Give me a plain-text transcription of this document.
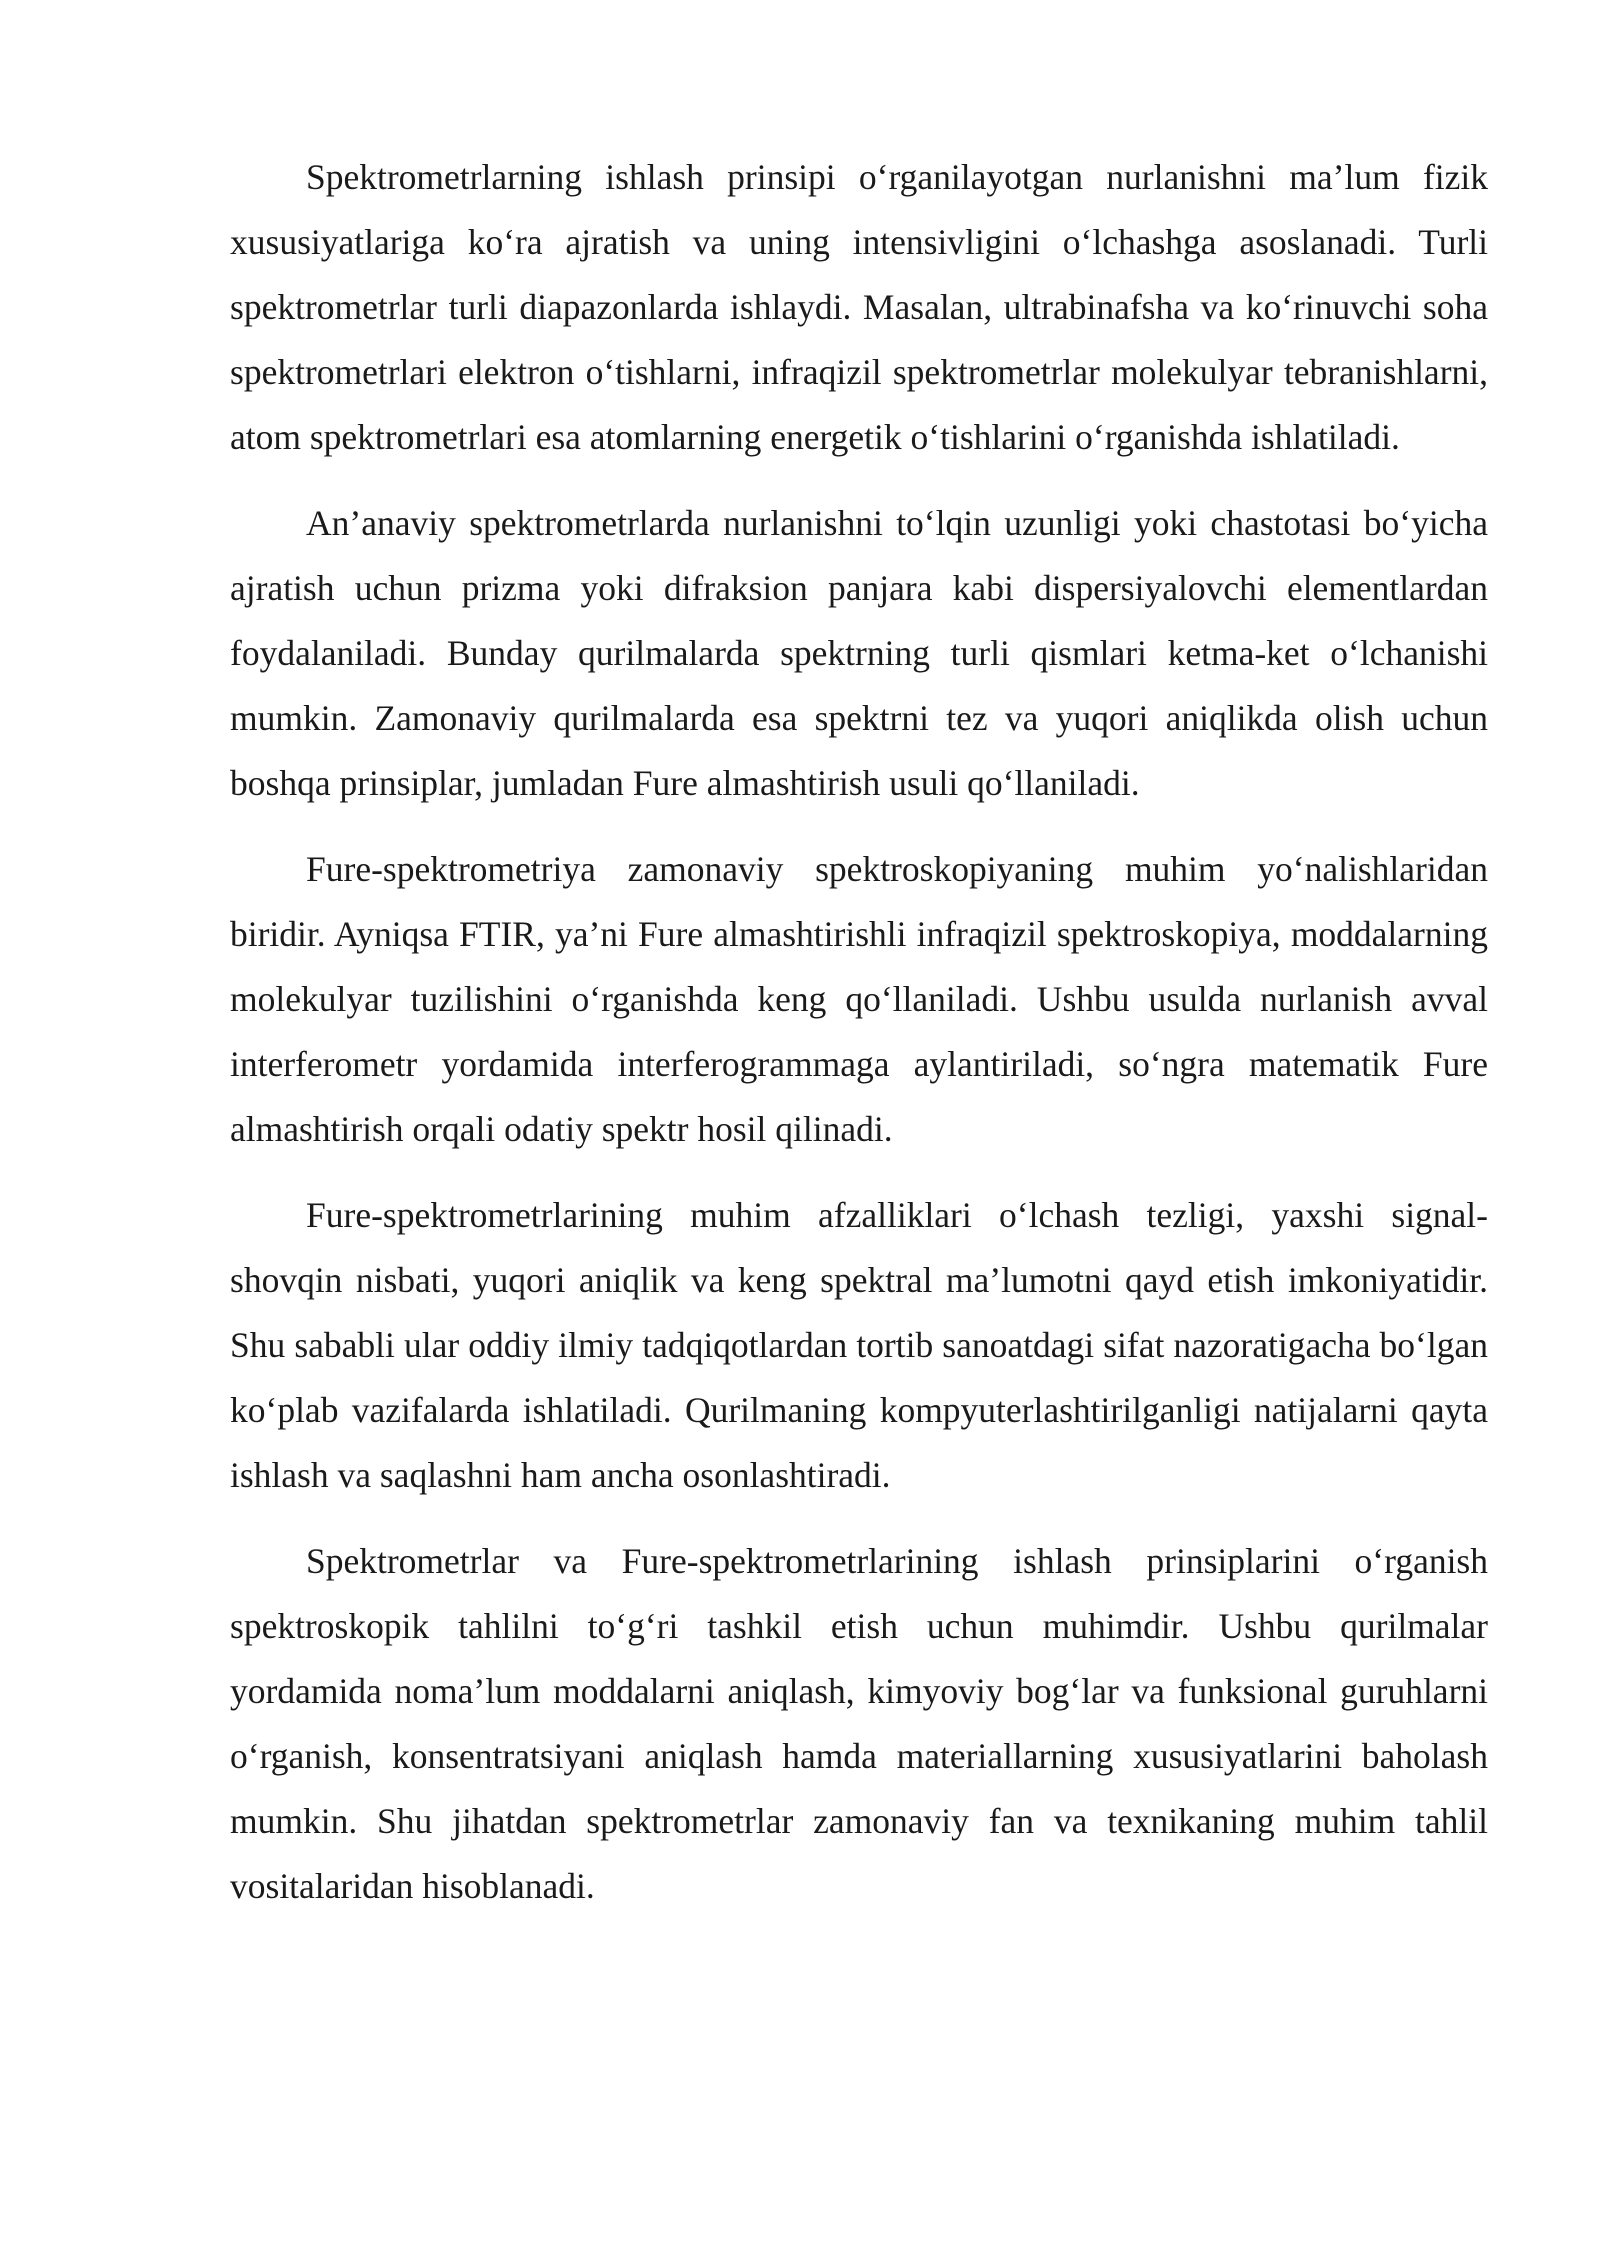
Spektrometrlarning ishlash prinsipi o‘rganilayotgan nurlanishni ma’lum fizik xususiyatlariga ko‘ra ajratish va uning intensivligini o‘lchashga asoslanadi. Turli spektrometrlar turli diapazonlarda ishlaydi. Masalan, ultrabinafsha va ko‘rinuvchi soha spektrometrlari elektron o‘tishlarni, infraqizil spektrometrlar molekulyar tebranishlarni, atom spektrometrlari esa atomlarning energetik o‘tishlarini o‘rganishda ishlatiladi.

An’anaviy spektrometrlarda nurlanishni to‘lqin uzunligi yoki chastotasi bo‘yicha ajratish uchun prizma yoki difraksion panjara kabi dispersiyalovchi elementlardan foydalaniladi. Bunday qurilmalarda spektrning turli qismlari ketma-ket o‘lchanishi mumkin. Zamonaviy qurilmalarda esa spektrni tez va yuqori aniqlikda olish uchun boshqa prinsiplar, jumladan Fure almashtirish usuli qo‘llaniladi.

Fure-spektrometriya zamonaviy spektroskopiyaning muhim yo‘nalishlaridan biridir. Ayniqsa FTIR, ya’ni Fure almashtirishli infraqizil spektroskopiya, moddalarning molekulyar tuzilishini o‘rganishda keng qo‘llaniladi. Ushbu usulda nurlanish avval interferometr yordamida interferogrammaga aylantiriladi, so‘ngra matematik Fure almashtirish orqali odatiy spektr hosil qilinadi.

Fure-spektrometrlarining muhim afzalliklari o‘lchash tezligi, yaxshi signal-shovqin nisbati, yuqori aniqlik va keng spektral ma’lumotni qayd etish imkoniyatidir. Shu sababli ular oddiy ilmiy tadqiqotlardan tortib sanoatdagi sifat nazoratigacha bo‘lgan ko‘plab vazifalarda ishlatiladi. Qurilmaning kompyuterlashtirilganligi natijalarni qayta ishlash va saqlashni ham ancha osonlashtiradi.

Spektrometrlar va Fure-spektrometrlarining ishlash prinsiplarini o‘rganish spektroskopik tahlilni to‘g‘ri tashkil etish uchun muhimdir. Ushbu qurilmalar yordamida noma’lum moddalarni aniqlash, kimyoviy bog‘lar va funksional guruhlarni o‘rganish, konsentratsiyani aniqlash hamda materiallarning xususiyatlarini baholash mumkin. Shu jihatdan spektrometrlar zamonaviy fan va texnikaning muhim tahlil vositalaridan hisoblanadi.
